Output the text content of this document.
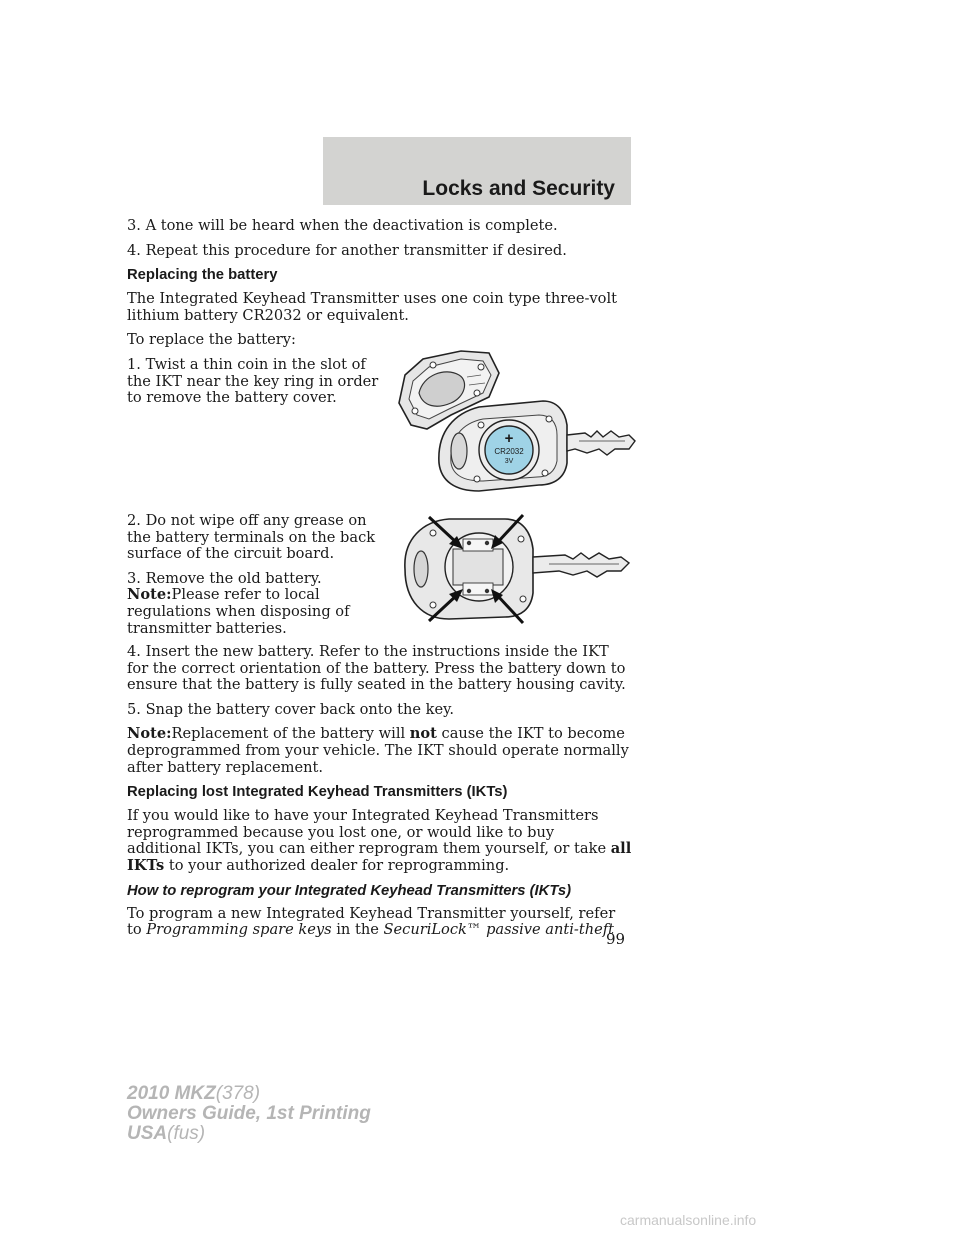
Locks and Security

3. A tone will be heard when the deactivation is complete.

4. Repeat this procedure for another transmitter if desired.

Replacing the battery

The Integrated Keyhead Transmitter uses one coin type three-volt lithium battery CR2032 or equivalent.

To replace the battery:

1. Twist a thin coin in the slot of the IKT near the key ring in order to remove the battery cover.

+
CR2032
3V

2. Do not wipe off any grease on the battery terminals on the back surface of the circuit board.

3. Remove the old battery.

Note:Please refer to local regulations when disposing of transmitter batteries.

4. Insert the new battery. Refer to the instructions inside the IKT for the correct orientation of the battery. Press the battery down to ensure that the battery is fully seated in the battery housing cavity.

5. Snap the battery cover back onto the key.

Note:Replacement of the battery will not cause the IKT to become deprogrammed from your vehicle. The IKT should operate normally after battery replacement.

Replacing lost Integrated Keyhead Transmitters (IKTs)

If you would like to have your Integrated Keyhead Transmitters reprogrammed because you lost one, or would like to buy additional IKTs, you can either reprogram them yourself, or take all IKTs to your authorized dealer for reprogramming.

How to reprogram your Integrated Keyhead Transmitters (IKTs)

To program a new Integrated Keyhead Transmitter yourself, refer to Programming spare keys in the SecuriLock™ passive anti-theft

99
2010 MKZ(378)
Owners Guide, 1st Printing
USA(fus)
carmanualsonline.info
